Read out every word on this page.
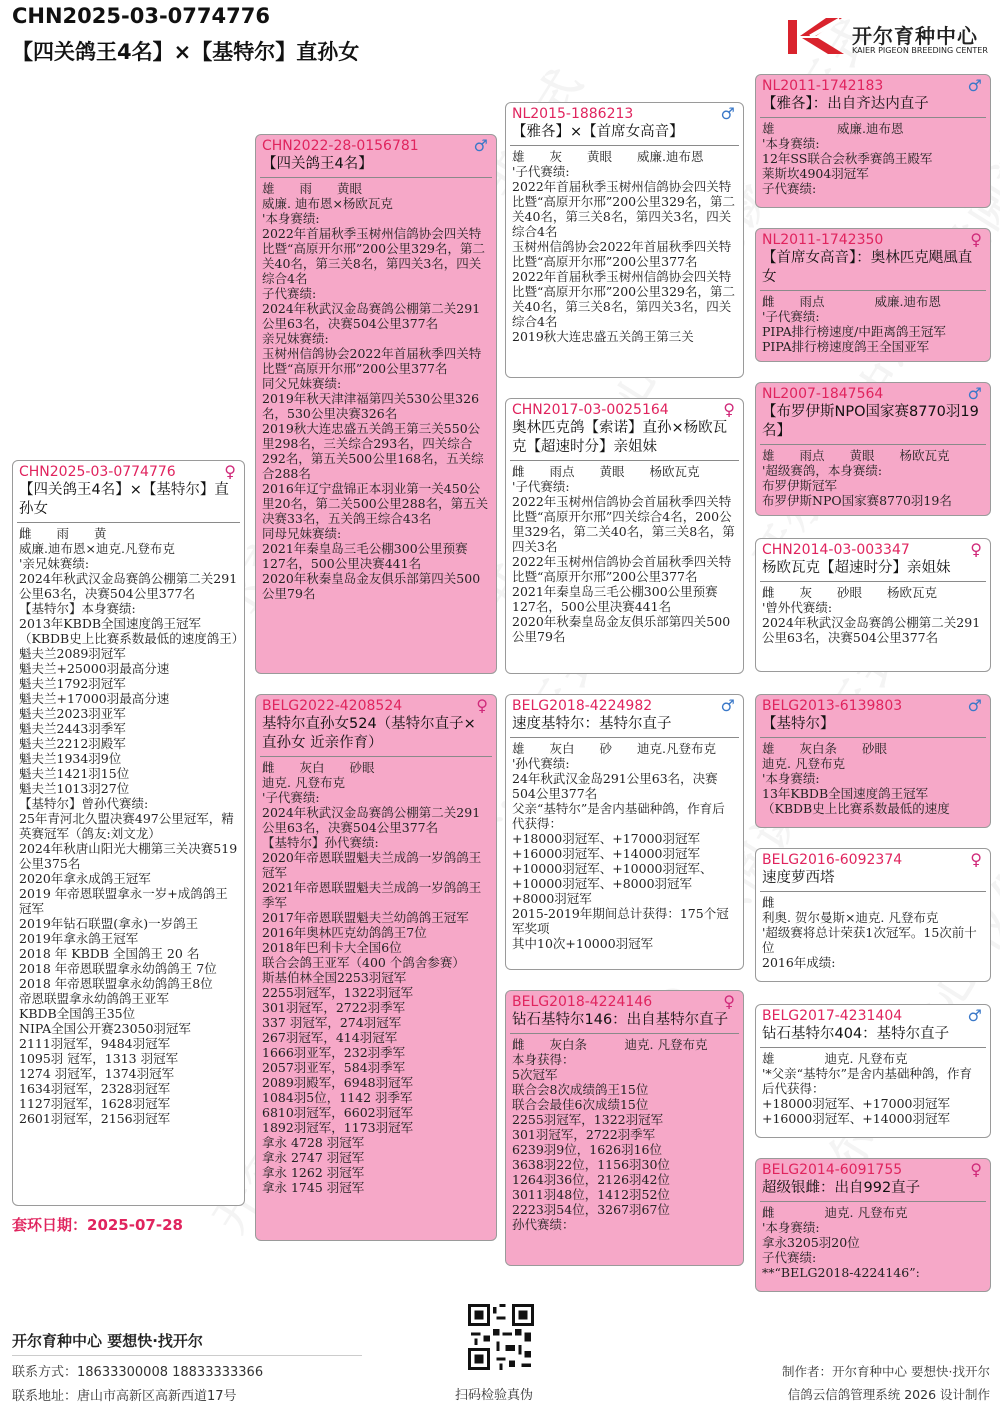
CHN2025-03-0774776
【四关鸽王4名】×【基特尔】直孙女
开尔育种中心
KAIER PIGEON BREEDING CENTER
CHN2025-03-0774776	♀
【四关鸽王4名】×【基特尔】直孙女
雌　　雨　　黄
威廉.迪布恩×迪克.凡登布克
'亲兄妹赛绩:
2024年秋武汉金岛赛鸽公棚第二关291公里63名，决赛504公里377名
【基特尔】本身赛绩:
2013年KBDB全国速度鸽王冠军（KBDB史上比赛系数最低的速度鸽王）
魁夫兰2089羽冠军
魁夫兰+25000羽最高分速
魁夫兰1792羽冠军
魁夫兰+17000羽最高分速
魁夫兰2023羽亚军
魁夫兰2443羽季军
魁夫兰2212羽殿军
魁夫兰1934羽9位
魁夫兰1421羽15位
魁夫兰1013羽27位
【基特尔】曾孙代赛绩:
25年青河北久盟决赛497公里冠军，精英赛冠军（鸽友:刘文龙）
2024年秋唐山阳光大棚第三关决赛519公里375名
2020年拿永成鸽王冠军
2019 年帝恩联盟拿永一岁+成鸽鸽王冠军
2019年钻石联盟(拿永)一岁鸽王
2019年拿永鸽王冠军
2018 年 KBDB 全国鸽王 20 名
2018 年帝恩联盟拿永幼鸽鸽王 7位
2018 年帝恩联盟拿永幼鸽鸽王8位
帝恩联盟拿永幼鸽鸽王亚军
KBDB全国鸽王35位
NIPA全国公开赛23050羽冠军
2111羽冠军，9484羽冠军
1095羽 冠军，1313 羽冠军
1274 羽冠军，1374羽冠军
1634羽冠军，2328羽冠军
1127羽冠军，1628羽冠军
2601羽冠军，2156羽冠军
CHN2022-28-0156781	♂
【四关鸽王4名】
雄　　雨　　黄眼
威廉. 迪布恩×杨欧瓦克
'本身赛绩:
2022年首届秋季玉树州信鸽协会四关特比暨“高原开尔邢”200公里329名，第二关40名，第三关8名，第四关3名，四关综合4名
子代赛绩:
2024年秋武汉金岛赛鸽公棚第二关291公里63名，决赛504公里377名
亲兄妹赛绩:
玉树州信鸽协会2022年首届秋季四关特比暨“高原开尔邢”200公里377名
同父兄妹赛绩:
2019年秋天津津福第四关530公里326名，530公里决赛326名
2019秋大连忠盛五关鸽王第三关550公里298名，三关综合293名，四关综合292名，第五关500公里168名，五关综合288名
2016年辽宁盘锦正本羽业第一关450公里20名，第二关500公里288名，第五关决赛33名，五关鸽王综合43名
同母兄妹赛绩:
2021年秦皇岛三毛公棚300公里预赛127名，500公里决赛441名
2020年秋秦皇岛金友俱乐部第四关500公里79名
BELG2022-4208524	♀
基特尔直孙女524（基特尔直子×直孙女 近亲作育）
雌　　灰白　　砂眼
迪克. 凡登布克
'子代赛绩:
2024年秋武汉金岛赛鸽公棚第二关291公里63名，决赛504公里377名
【基特尔】孙代赛绩:
2020年帝恩联盟魁夫兰成鸽一岁鸽鸽王冠军
2021年帝恩联盟魁夫兰成鸽一岁鸽鸽王季军
2017年帝恩联盟魁夫兰幼鸽鸽王冠军
2016年奥林匹克幼鸽鸽王7位
2018年巴利卡大全国6位
联合会鸽王亚军（400 个鸽舍参赛）
斯基伯林全国2253羽冠军
2255羽冠军，1322羽冠军
301羽冠军，2722羽季军
337 羽冠军，274羽冠军
267羽冠军，414羽冠军
1666羽亚军，232羽季军
2057羽亚军，584羽季军
2089羽殿军，6948羽冠军
1084羽5位，1142 羽季军
6810羽冠军，6602羽冠军
1892羽冠军，1173羽冠军
拿永 4728 羽冠军
拿永 2747 羽冠军
拿永 1262 羽冠军
拿永 1745 羽冠军
NL2015-1886213	♂
【雅各】×【首席女高音】
雄　　灰　　黄眼　　威廉.迪布恩
'子代赛绩:
2022年首届秋季玉树州信鸽协会四关特比暨“高原开尔邢”200公里329名，第二关40名，第三关8名，第四关3名，四关综合4名
玉树州信鸽协会2022年首届秋季四关特比暨“高原开尔邢”200公里377名
2022年首届秋季玉树州信鸽协会四关特比暨“高原开尔邢”200公里329名，第二关40名，第三关8名，第四关3名，四关综合4名
2019秋大连忠盛五关鸽王第三关
CHN2017-03-0025164	♀
奥林匹克鸽【索诺】直孙×杨欧瓦克【超速时分】亲姐妹
雌　　雨点　　黄眼　　杨欧瓦克
'子代赛绩:
2022年玉树州信鸽协会首届秋季四关特比暨“高原开尔邢”四关综合4名，200公里329名，第二关40名，第三关8名，第四关3名
2022年玉树州信鸽协会首届秋季四关特比暨“高原开尔邢”200公里377名
2021年秦皇岛三毛公棚300公里预赛127名，500公里决赛441名
2020年秋秦皇岛金友俱乐部第四关500公里79名
BELG2018-4224982	♂
速度基特尔：基特尔直子
雄　　灰白　　砂　　迪克.凡登布克
'孙代赛绩:
24年秋武汉金岛291公里63名，决赛504公里377名
父亲“基特尔”是舍内基础种鸽，作育后代获得：
+18000羽冠军、+17000羽冠军
+16000羽冠军、+14000羽冠军
+10000羽冠军、+10000羽冠军、
+10000羽冠军、+8000羽冠军
+8000羽冠军
2015-2019年期间总计获得：175个冠军奖项
其中10次+10000羽冠军
BELG2018-4224146	♀
钻石基特尔146：出自基特尔直子
雌　　灰白条　　　迪克. 凡登布克
本身获得：
5次冠军
联合会8次成绩鸽王15位
联合会最佳6次成绩15位
2255羽冠军，1322羽冠军
301羽冠军，2722羽季军
6239羽9位，1626羽16位
3638羽22位，1156羽30位
1264羽36位，2126羽42位
3011羽48位，1412羽52位
2223羽54位，3267羽67位
孙代赛绩：
NL2011-1742183	♂
【雅各】：出自齐达内直子
雄　　　　　威廉.迪布恩
'本身赛绩:
12年SS联合会秋季赛鸽王殿军
莱斯坎4904羽冠军
子代赛绩:
NL2011-1742350	♀
【首席女高音】：奥林匹克飓風直女
雌　　雨点　　　　威廉.迪布恩
'子代赛绩:
PIPA排行榜速度/中距离鸽王冠军
PIPA排行榜速度鸽王全国亚军
NL2007-1847564	♂
【布罗伊斯NPO国家赛8770羽19名】
雄　　雨点　　黄眼　　杨欧瓦克
'超级赛鸽，本身赛绩:
布罗伊斯冠军
布罗伊斯NPO国家赛8770羽19名
CHN2014-03-003347	♀
杨欧瓦克【超速时分】亲姐妹
雌　　灰　　砂眼　　杨欧瓦克
'曾外代赛绩:
2024年秋武汉金岛赛鸽公棚第二关291公里63名，决赛504公里377名
BELG2013-6139803	♂
【基特尔】
雄　　灰白条　　砂眼
迪克. 凡登布克
'本身赛绩:
13年KBDB全国速度鸽王冠军
（KBDB史上比赛系数最低的速度
BELG2016-6092374	♀
速度萝西塔
雌
利奥. 贺尔曼斯×迪克. 凡登布克
'超级赛将总计荣获1次冠军。15次前十位
2016年成绩:
BELG2017-4231404	♂
钻石基特尔404：基特尔直子
雄　　　　迪克. 凡登布克
'*父亲“基特尔”是舍内基础种鸽，作育后代获得：
+18000羽冠军、+17000羽冠军
+16000羽冠军、+14000羽冠军
BELG2014-6091755	♀
超级银雌：出自992直子
雌　　　　迪克. 凡登布克
'本身赛绩:
拿永3205羽20位
子代赛绩:
**“BELG2018-4224146”:
套环日期：2025-07-28
开尔育种中心 要想快·找开尔
联系方式：18633300008 18833333366
联系地址：唐山市高新区高新西道17号	扫码检验真伪
制作者：开尔育种中心 要想快·找开尔
信鸽云信鸽管理系统 2026 设计制作
